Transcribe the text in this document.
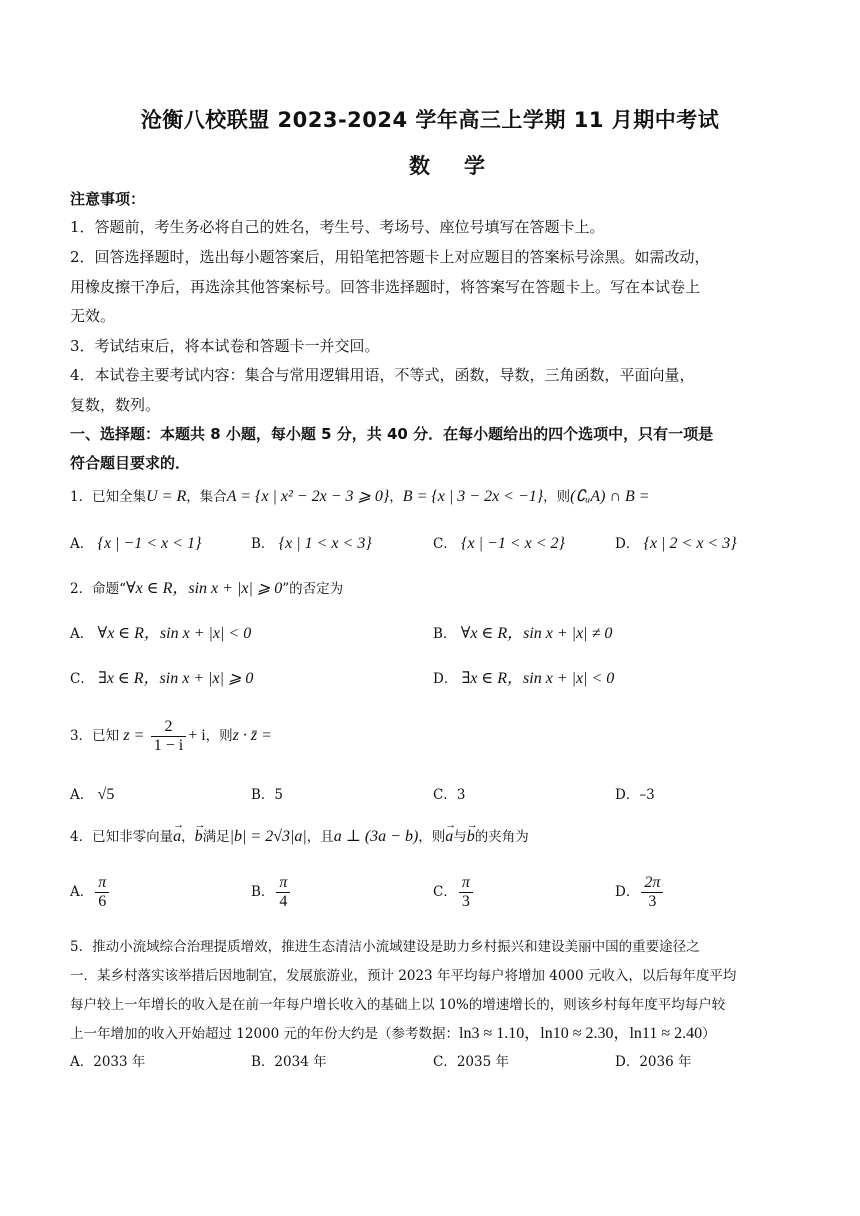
沧衡八校联盟 2023-2024 学年高三上学期 11 月期中考试
数学
注意事项：
1．答题前，考生务必将自己的姓名，考生号、考场号、座位号填写在答题卡上。
2．回答选择题时，选出每小题答案后，用铅笔把答题卡上对应题目的答案标号涂黑。如需改动，
用橡皮擦干净后，再选涂其他答案标号。回答非选择题时，将答案写在答题卡上。写在本试卷上
无效。
3．考试结束后，将本试卷和答题卡一并交回。
4．本试卷主要考试内容：集合与常用逻辑用语，不等式，函数，导数，三角函数，平面向量，
复数，数列。
一、选择题：本题共 8 小题，每小题 5 分，共 40 分．在每小题给出的四个选项中，只有一项是
符合题目要求的．
1．已知全集U = R，集合A = {x | x² − 2x − 3 ⩾ 0}，B = {x | 3 − 2x < −1}，则(∁ᵤA) ∩ B =
A． {x | −1 < x < 1}	B． {x | 1 < x < 3}	C． {x | −1 < x < 2}	D． {x | 2 < x < 3}
2．命题“∀x ∈ R，sin x + |x| ⩾ 0”的否定为
A． ∀x ∈ R，sin x + |x| < 0	B． ∀x ∈ R，sin x + |x| ≠ 0
C． ∃x ∈ R，sin x + |x| ⩾ 0	D． ∃x ∈ R，sin x + |x| < 0
3．已知 $z = \frac{2}{1 - i} + i$，则z · z̄ =
A． √5	B．5	C．3	D．–3
4．已知非零向量→ a，→ b满足|b| = 2√3|a|，且a ⊥ (3a − b)，则→ a与→ b的夹角为
A． $\frac{\pi}{6}$	B． $\frac{\pi}{4}$	C． $\frac{\pi}{3}$	D． $\frac{2\pi}{3}$
5．推动小流域综合治理提质增效，推进生态清洁小流域建设是助力乡村振兴和建设美丽中国的重要途径之
一．某乡村落实该举措后因地制宜，发展旅游业，预计 2023 年平均每户将增加 4000 元收入，以后每年度平均
每户较上一年增长的收入是在前一年每户增长收入的基础上以 10%的增速增长的，则该乡村每年度平均每户较
上一年增加的收入开始超过 12000 元的年份大约是（参考数据：ln3 ≈ 1.10，ln10 ≈ 2.30，ln11 ≈ 2.40）
A．2033 年	B．2034 年	C．2035 年	D．2036 年
